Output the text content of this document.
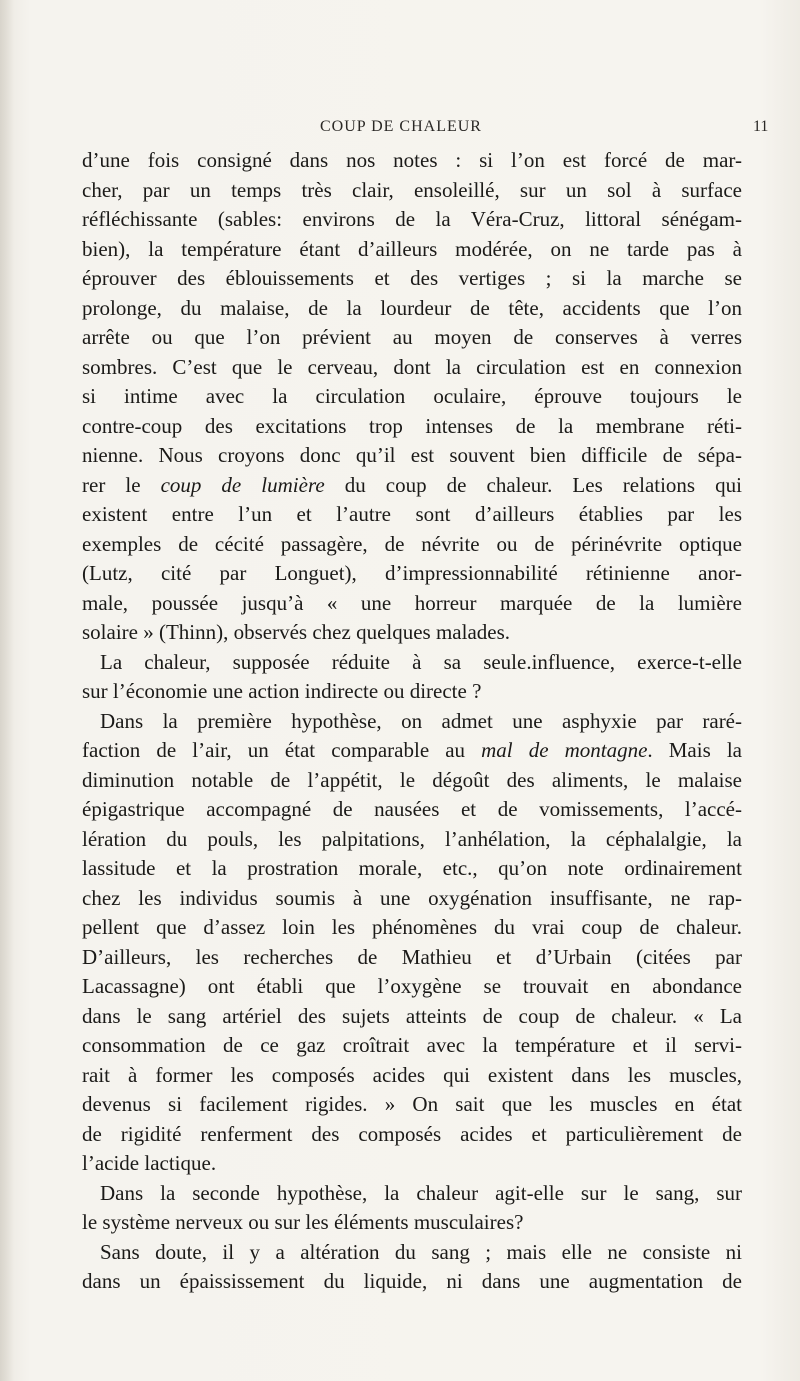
COUP DE CHALEUR	11
d’une fois consigné dans nos notes : si l’on est forcé de mar-
cher, par un temps très clair, ensoleillé, sur un sol à surface
réfléchissante (sables: environs de la Véra-Cruz, littoral sénégam-
bien), la température étant d’ailleurs modérée, on ne tarde pas à
éprouver des éblouissements et des vertiges ; si la marche se
prolonge, du malaise, de la lourdeur de tête, accidents que l’on
arrête ou que l’on prévient au moyen de conserves à verres
sombres. C’est que le cerveau, dont la circulation est en connexion
si intime avec la circulation oculaire, éprouve toujours le
contre-coup des excitations trop intenses de la membrane réti-
nienne. Nous croyons donc qu’il est souvent bien difficile de sépa-
rer le coup de lumière du coup de chaleur. Les relations qui
existent entre l’un et l’autre sont d’ailleurs établies par les
exemples de cécité passagère, de névrite ou de périnévrite optique
(Lutz, cité par Longuet), d’impressionnabilité rétinienne anor-
male, poussée jusqu’à « une horreur marquée de la lumière
solaire » (Thinn), observés chez quelques malades.
La chaleur, supposée réduite à sa seule.influence, exerce-t-elle
sur l’économie une action indirecte ou directe ?
Dans la première hypothèse, on admet une asphyxie par raré-
faction de l’air, un état comparable au mal de montagne. Mais la
diminution notable de l’appétit, le dégoût des aliments, le malaise
épigastrique accompagné de nausées et de vomissements, l’accé-
lération du pouls, les palpitations, l’anhélation, la céphalalgie, la
lassitude et la prostration morale, etc., qu’on note ordinairement
chez les individus soumis à une oxygénation insuffisante, ne rap-
pellent que d’assez loin les phénomènes du vrai coup de chaleur.
D’ailleurs, les recherches de Mathieu et d’Urbain (citées par
Lacassagne) ont établi que l’oxygène se trouvait en abondance
dans le sang artériel des sujets atteints de coup de chaleur. « La
consommation de ce gaz croîtrait avec la température et il servi-
rait à former les composés acides qui existent dans les muscles,
devenus si facilement rigides. » On sait que les muscles en état
de rigidité renferment des composés acides et particulièrement de
l’acide lactique.
Dans la seconde hypothèse, la chaleur agit-elle sur le sang, sur
le système nerveux ou sur les éléments musculaires?
Sans doute, il y a altération du sang ; mais elle ne consiste ni
dans un épaississement du liquide, ni dans une augmentation de
